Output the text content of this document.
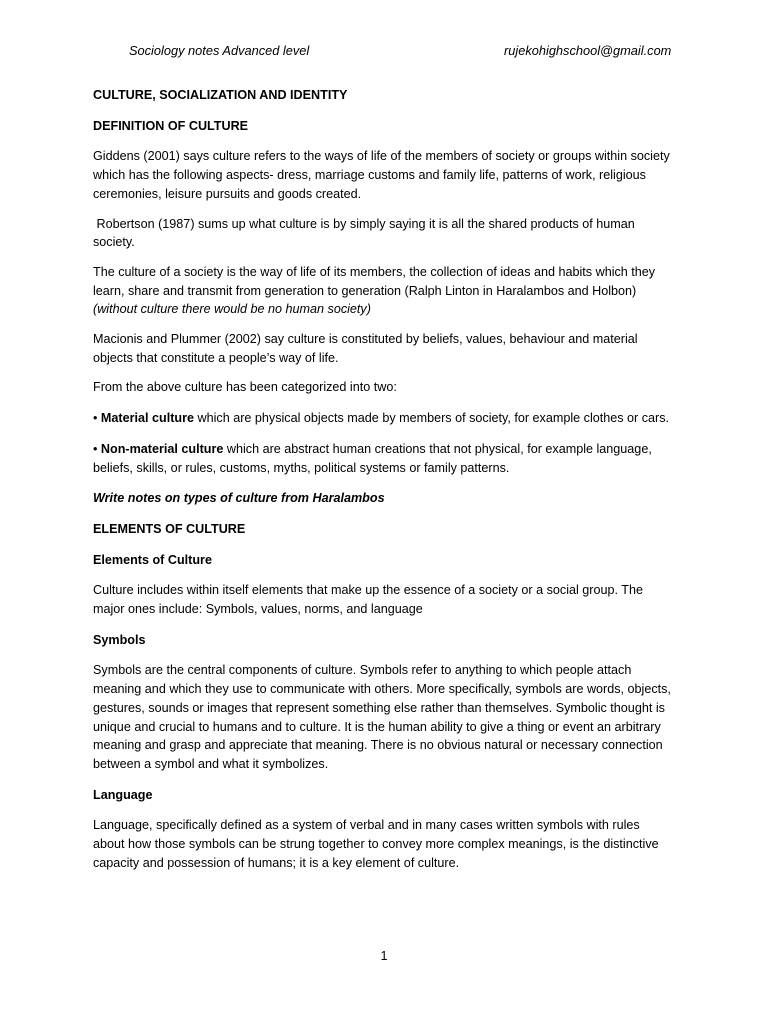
Sociology notes Advanced level	rujekohighschool@gmail.com

CULTURE, SOCIALIZATION AND IDENTITY

DEFINITION OF CULTURE

Giddens (2001) says culture refers to the ways of life of the members of society or groups within society which has the following aspects- dress, marriage customs and family life, patterns of work, religious ceremonies, leisure pursuits and goods created.

Robertson (1987) sums up what culture is by simply saying it is all the shared products of human society.

The culture of a society is the way of life of its members, the collection of ideas and habits which they learn, share and transmit from generation to generation (Ralph Linton in Haralambos and Holbon) (without culture there would be no human society)

Macionis and Plummer (2002) say culture is constituted by beliefs, values, behaviour and material objects that constitute a people’s way of life.

From the above culture has been categorized into two:

• Material culture which are physical objects made by members of society, for example clothes or cars.

• Non-material culture which are abstract human creations that not physical, for example language, beliefs, skills, or rules, customs, myths, political systems or family patterns.

Write notes on types of culture from Haralambos

ELEMENTS OF CULTURE

Elements of Culture

Culture includes within itself elements that make up the essence of a society or a social group. The major ones include: Symbols, values, norms, and language

Symbols

Symbols are the central components of culture. Symbols refer to anything to which people attach meaning and which they use to communicate with others. More specifically, symbols are words, objects, gestures, sounds or images that represent something else rather than themselves. Symbolic thought is unique and crucial to humans and to culture. It is the human ability to give a thing or event an arbitrary meaning and grasp and appreciate that meaning. There is no obvious natural or necessary connection between a symbol and what it symbolizes.

Language

Language, specifically defined as a system of verbal and in many cases written symbols with rules about how those symbols can be strung together to convey more complex meanings, is the distinctive capacity and possession of humans; it is a key element of culture.

1
